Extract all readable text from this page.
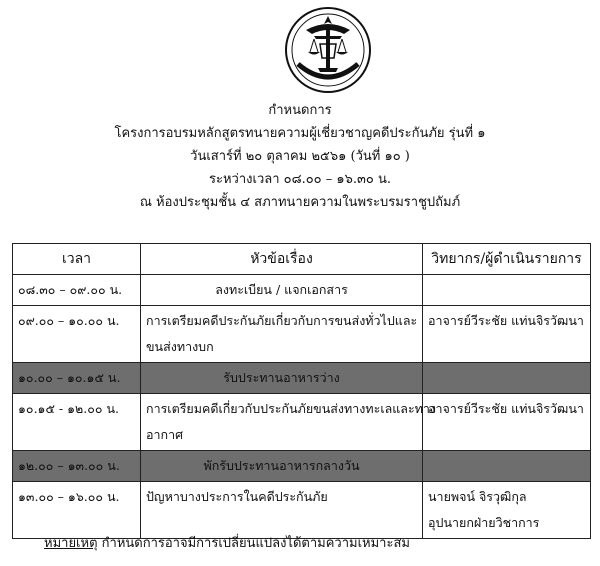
กำหนดการ
โครงการอบรมหลักสูตรทนายความผู้เชี่ยวชาญคดีประกันภัย รุ่นที่ ๑
วันเสาร์ที่ ๒๐ ตุลาคม ๒๕๖๑ (วันที่ ๑๐ )
ระหว่างเวลา ๐๘.๐๐ – ๑๖.๓๐ น.
ณ ห้องประชุมชั้น ๔ สภาทนายความในพระบรมราชูปถัมภ์
เวลา	หัวข้อเรื่อง	วิทยากร/ผู้ดำเนินรายการ
๐๘.๓๐ – ๐๙.๐๐ น.	ลงทะเบียน / แจกเอกสาร	

๐๙.๐๐ – ๑๐.๐๐ น.	การเตรียมคดีประกันภัยเกี่ยวกับการขนส่งทั่วไปและ
ขนส่งทางบก	อาจารย์วีระชัย แท่นจิรวัฒนา

๑๐.๐๐ – ๑๐.๑๕ น.	รับประทานอาหารว่าง	

๑๐.๑๕ - ๑๒.๐๐ น.	การเตรียมคดีเกี่ยวกับประกันภัยขนส่งทางทะเลและทาง
อากาศ	อาจารย์วีระชัย แท่นจิรวัฒนา

๑๒.๐๐ – ๑๓.๐๐ น.	พักรับประทานอาหารกลางวัน	

๑๓.๐๐ – ๑๖.๐๐ น.	ปัญหาบางประการในคดีประกันภัย	นายพจน์ จิรวุฒิกุล
อุปนายกฝ่ายวิชาการ
หมายเหตุ กำหนดการอาจมีการเปลี่ยนแปลงได้ตามความเหมาะสม
